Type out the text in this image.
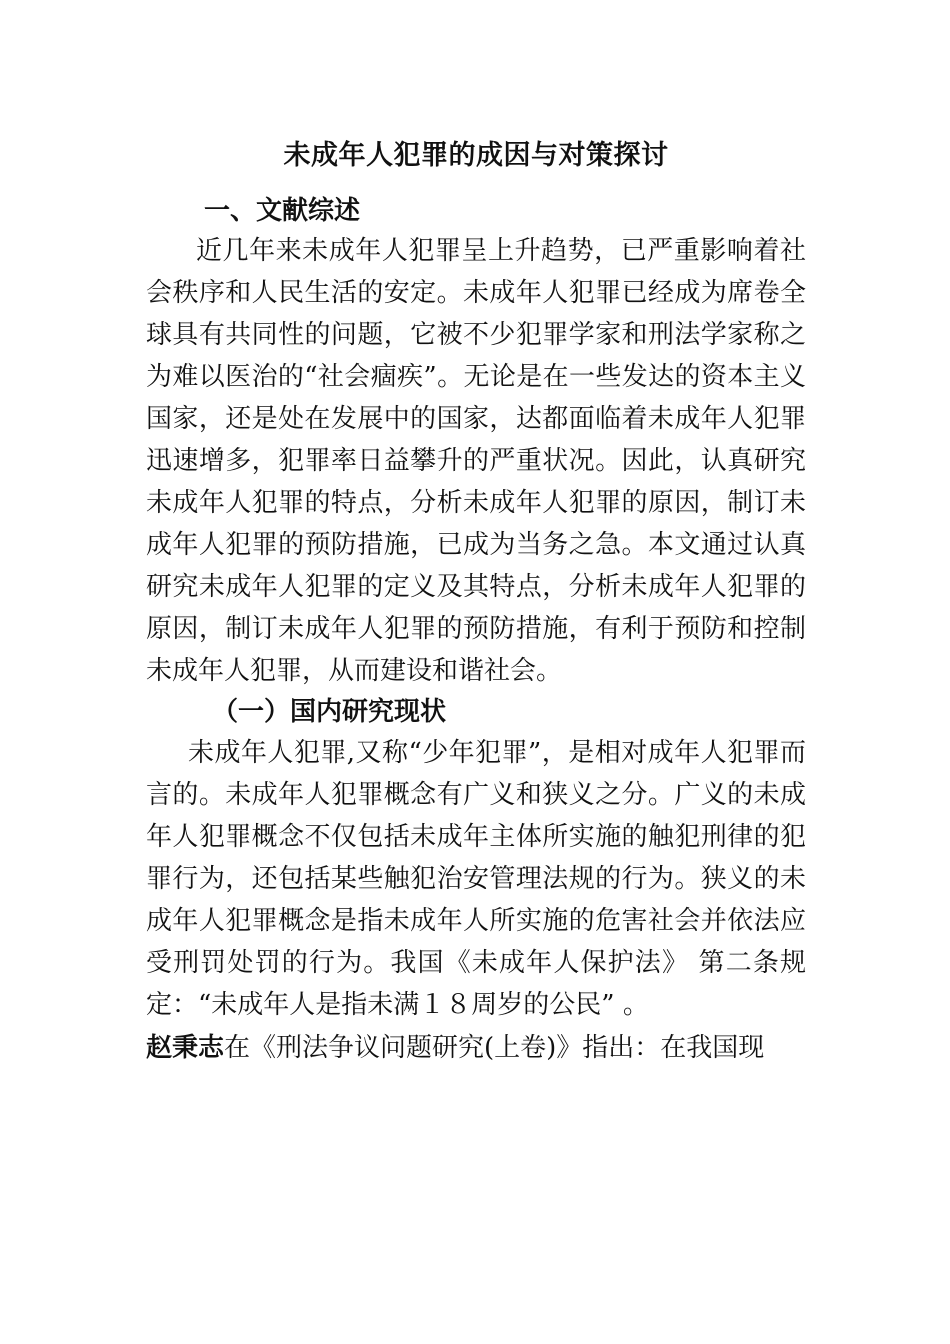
未成年人犯罪的成因与对策探讨
一、文献综述

近几年来未成年人犯罪呈上升趋势，已严重影响着社会秩序和人民生活的安定。未成年人犯罪已经成为席卷全球具有共同性的问题，它被不少犯罪学家和刑法学家称之为难以医治的“社会痼疾”。无论是在一些发达的资本主义国家，还是处在发展中的国家，达都面临着未成年人犯罪迅速增多，犯罪率日益攀升的严重状况。因此，认真研究未成年人犯罪的特点，分析未成年人犯罪的原因，制订未成年人犯罪的预防措施，已成为当务之急。本文通过认真研究未成年人犯罪的定义及其特点，分析未成年人犯罪的原因，制订未成年人犯罪的预防措施，有利于预防和控制未成年人犯罪，从而建设和谐社会。

（一）国内研究现状

未成年人犯罪,又称“少年犯罪”，是相对成年人犯罪而言的。未成年人犯罪概念有广义和狭义之分。广义的未成年人犯罪概念不仅包括未成年主体所实施的触犯刑律的犯罪行为，还包括某些触犯治安管理法规的行为。狭义的未成年人犯罪概念是指未成年人所实施的危害社会并依法应受刑罚处罚的行为。我国《未成年人保护法》 第二条规定：“未成年人是指未满１８周岁的公民” 。

赵秉志在《刑法争议问题研究(上卷)》指出：在我国现
